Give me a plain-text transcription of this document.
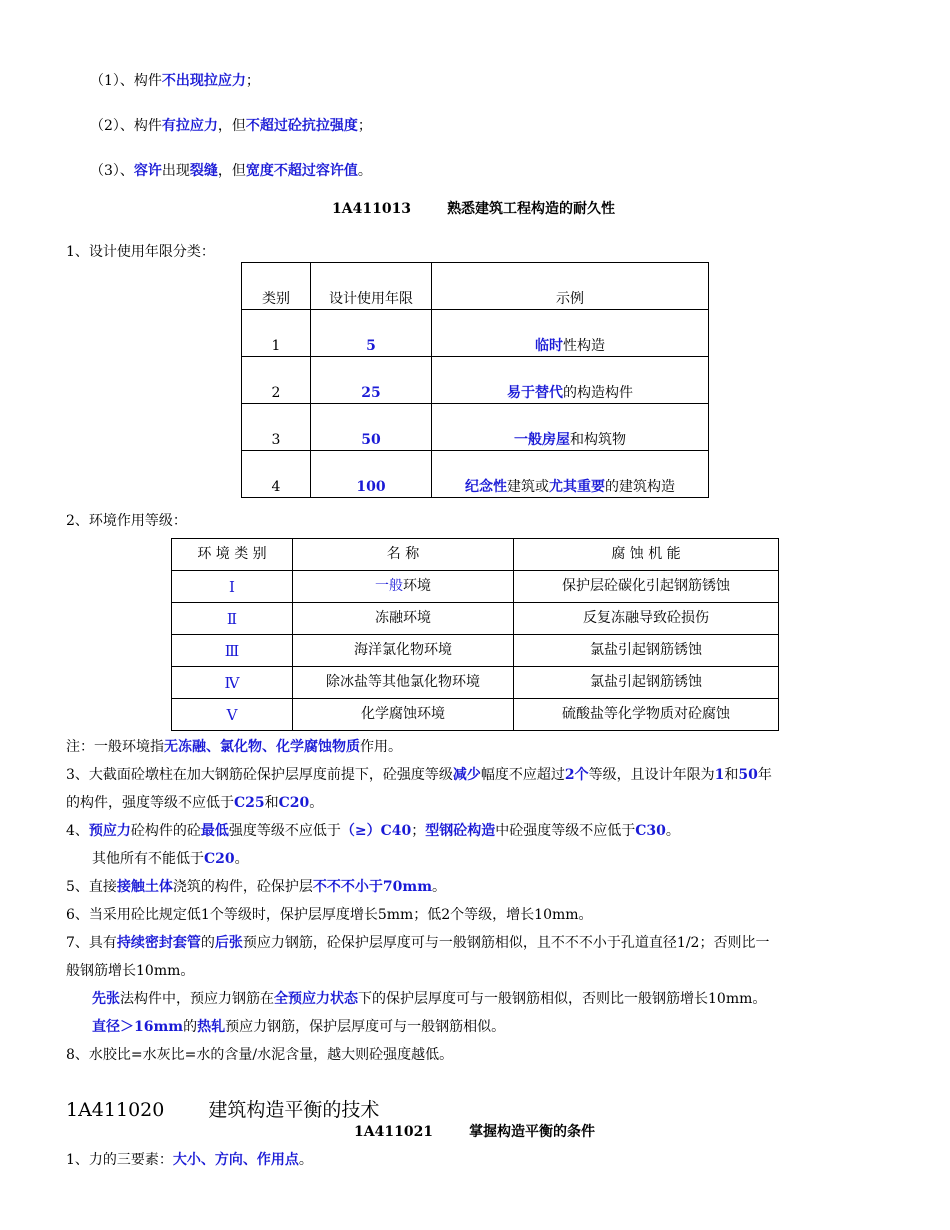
（1）、构件不出现拉应力；
（2）、构件有拉应力，但不超过砼抗拉强度；
（3）、容许出现裂缝，但宽度不超过容许值。
1A411013	熟悉建筑工程构造的耐久性
1、设计使用年限分类：
类别	设计使用年限	示例
1	5	临时性构造
2	25	易于替代的构造构件
3	50	一般房屋和构筑物
4	100	纪念性建筑或尤其重要的建筑构造
2、环境作用等级：
环 境 类 别	名 称	腐 蚀 机 能
Ⅰ	一般环境	保护层砼碳化引起钢筋锈蚀
Ⅱ	冻融环境	反复冻融导致砼损伤
Ⅲ	海洋氯化物环境	氯盐引起钢筋锈蚀
Ⅳ	除冰盐等其他氯化物环境	氯盐引起钢筋锈蚀
Ⅴ	化学腐蚀环境	硫酸盐等化学物质对砼腐蚀
注：一般环境指无冻融、氯化物、化学腐蚀物质作用。
3、大截面砼墩柱在加大钢筋砼保护层厚度前提下，砼强度等级减少幅度不应超过2个等级，且设计年限为1和50年
的构件，强度等级不应低于C25和C20。
4、预应力砼构件的砼最低强度等级不应低于（≥）C40；型钢砼构造中砼强度等级不应低于C30。
其他所有不能低于C20。
5、直接接触土体浇筑的构件，砼保护层不不不小于70mm。
6、当采用砼比规定低1个等级时，保护层厚度增长5mm；低2个等级，增长10mm。
7、具有持续密封套管的后张预应力钢筋，砼保护层厚度可与一般钢筋相似，且不不不小于孔道直径1/2；否则比一
般钢筋增长10mm。
先张法构件中，预应力钢筋在全预应力状态下的保护层厚度可与一般钢筋相似，否则比一般钢筋增长10mm。
直径＞16mm的热轧预应力钢筋，保护层厚度可与一般钢筋相似。
8、水胶比=水灰比=水的含量/水泥含量，越大则砼强度越低。
1A411020 建筑构造平衡的技术
1A411021	掌握构造平衡的条件
1、力的三要素：大小、方向、作用点。
